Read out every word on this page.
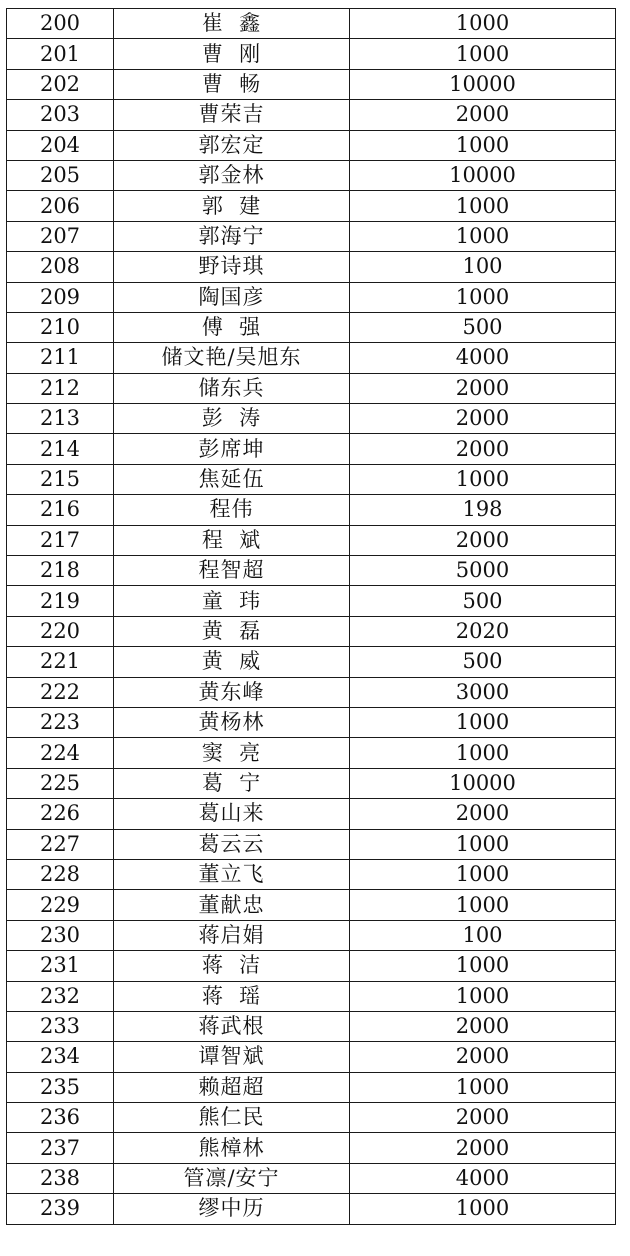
200	崔  鑫	1000
201	曹  刚	1000
202	曹  畅	10000
203	曹荣吉	2000
204	郭宏定	1000
205	郭金林	10000
206	郭  建	1000
207	郭海宁	1000
208	野诗琪	100
209	陶国彦	1000
210	傅  强	500
211	储文艳/吴旭东	4000
212	储东兵	2000
213	彭  涛	2000
214	彭席坤	2000
215	焦延伍	1000
216	程伟	198
217	程  斌	2000
218	程智超	5000
219	童  玮	500
220	黄  磊	2020
221	黄  威	500
222	黄东峰	3000
223	黄杨林	1000
224	窦  亮	1000
225	葛  宁	10000
226	葛山来	2000
227	葛云云	1000
228	董立飞	1000
229	董献忠	1000
230	蒋启娟	100
231	蒋  洁	1000
232	蒋  瑶	1000
233	蒋武根	2000
234	谭智斌	2000
235	赖超超	1000
236	熊仁民	2000
237	熊樟林	2000
238	管凛/安宁	4000
239	缪中历	1000
